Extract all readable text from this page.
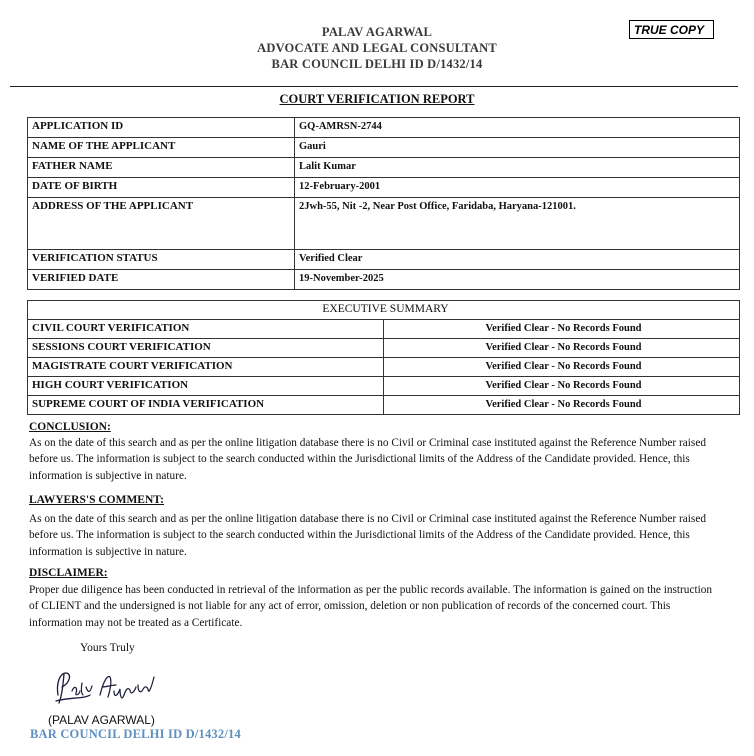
PALAV AGARWAL
ADVOCATE AND LEGAL CONSULTANT
BAR COUNCIL DELHI ID D/1432/14
TRUE COPY
COURT VERIFICATION REPORT
APPLICATION ID	GQ-AMRSN-2744
NAME OF THE APPLICANT	Gauri
FATHER NAME	Lalit Kumar
DATE OF BIRTH	12-February-2001
ADDRESS OF THE APPLICANT	2Jwh-55, Nit -2, Near Post Office, Faridaba, Haryana-121001.
VERIFICATION STATUS	Verified Clear
VERIFIED DATE	19-November-2025
EXECUTIVE SUMMARY	
CIVIL COURT VERIFICATION	Verified Clear - No Records Found
SESSIONS COURT VERIFICATION	Verified Clear - No Records Found
MAGISTRATE COURT VERIFICATION	Verified Clear - No Records Found
HIGH COURT VERIFICATION	Verified Clear - No Records Found
SUPREME COURT OF INDIA VERIFICATION	Verified Clear - No Records Found
CONCLUSION:
As on the date of this search and as per the online litigation database there is no Civil or Criminal case instituted against the Reference Number raised before us. The information is subject to the search conducted within the Jurisdictional limits of the Address of the Candidate provided. Hence, this information is subjective in nature.
LAWYERS'S COMMENT:
As on the date of this search and as per the online litigation database there is no Civil or Criminal case instituted against the Reference Number raised before us. The information is subject to the search conducted within the Jurisdictional limits of the Address of the Candidate provided. Hence, this information is subjective in nature.
DISCLAIMER:
Proper due diligence has been conducted in retrieval of the information as per the public records available. The information is gained on the instruction of CLIENT and the undersigned is not liable for any act of error, omission, deletion or non publication of records of the concerned court. This information may not be treated as a Certificate.
Yours Truly
(PALAV AGARWAL)
BAR COUNCIL DELHI ID D/1432/14
